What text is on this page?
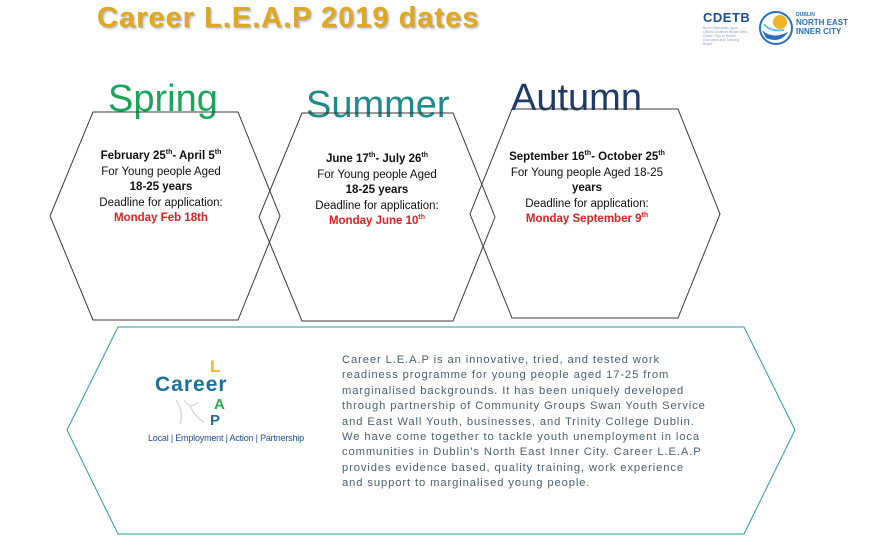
Career L.E.A.P 2019 dates	CDETB
Bord Oideachais agus Oiliúna Chathair Bhaile Átha Cliath / City of Dublin Education and Training Board
DUBLIN
NORTH EAST
INNER CITY
Spring Summer Autumn
February 25th- April 5th
For Young people Aged
18-25 years
Deadline for application:
Monday Feb 18th
June 17th- July 26th
For Young people Aged
18-25 years
Deadline for application:
Monday June 10th
September 16th- October 25th
For Young people Aged 18-25
years
Deadline for application:
Monday September 9th
L
Career
A
P
Local | Employment | Action | Partnership
Career L.E.A.P is an innovative, tried, and tested work
readiness programme for young people aged 17-25 from
marginalised backgrounds. It has been uniquely developed
through partnership of Community Groups Swan Youth Service
and East Wall Youth, businesses, and Trinity College Dublin.
We have come together to tackle youth unemployment in loca
communities in Dublin's North East Inner City. Career L.E.A.P
provides evidence based, quality training, work experience
and support to marginalised young people.
